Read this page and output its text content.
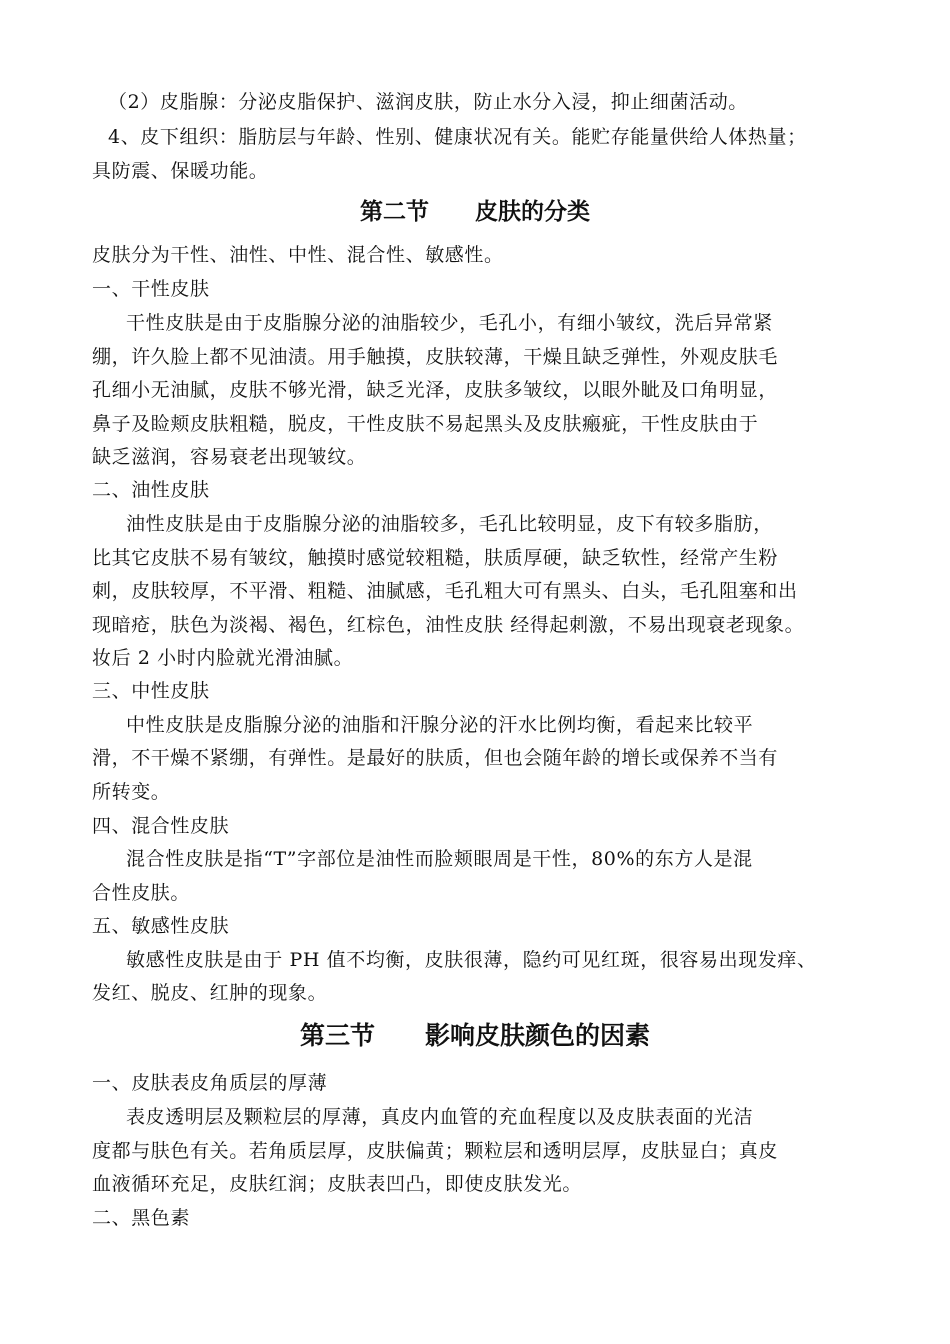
（2）皮脂腺：分泌皮脂保护、滋润皮肤，防止水分入浸，抑止细菌活动。
4、皮下组织：脂肪层与年龄、性别、健康状况有关。能贮存能量供给人体热量；
具防震、保暖功能。
第二节　　皮肤的分类
皮肤分为干性、油性、中性、混合性、敏感性。
一、干性皮肤
干性皮肤是由于皮脂腺分泌的油脂较少，毛孔小，有细小皱纹，洗后异常紧
绷，许久脸上都不见油渍。用手触摸，皮肤较薄，干燥且缺乏弹性，外观皮肤毛
孔细小无油腻，皮肤不够光滑，缺乏光泽，皮肤多皱纹，以眼外眦及口角明显，
鼻子及睑颊皮肤粗糙，脱皮，干性皮肤不易起黑头及皮肤瘢疵，干性皮肤由于
缺乏滋润，容易衰老出现皱纹。
二、油性皮肤
油性皮肤是由于皮脂腺分泌的油脂较多，毛孔比较明显，皮下有较多脂肪，
比其它皮肤不易有皱纹，触摸时感觉较粗糙，肤质厚硬，缺乏软性，经常产生粉
刺，皮肤较厚，不平滑、粗糙、油腻感，毛孔粗大可有黑头、白头，毛孔阻塞和出
现暗疮，肤色为淡褐、褐色，红棕色，油性皮肤 经得起刺激，不易出现衰老现象。
妆后 2 小时内脸就光滑油腻。
三、中性皮肤
中性皮肤是皮脂腺分泌的油脂和汗腺分泌的汗水比例均衡，看起来比较平
滑，不干燥不紧绷，有弹性。是最好的肤质，但也会随年龄的增长或保养不当有
所转变。
四、混合性皮肤
混合性皮肤是指“T”字部位是油性而脸颊眼周是干性，80%的东方人是混
合性皮肤。
五、敏感性皮肤
敏感性皮肤是由于 PH 值不均衡，皮肤很薄，隐约可见红斑，很容易出现发痒、
发红、脱皮、红肿的现象。
第三节　　影响皮肤颜色的因素
一、皮肤表皮角质层的厚薄
表皮透明层及颗粒层的厚薄，真皮内血管的充血程度以及皮肤表面的光洁
度都与肤色有关。若角质层厚，皮肤偏黄；颗粒层和透明层厚，皮肤显白；真皮
血液循环充足，皮肤红润；皮肤表凹凸，即使皮肤发光。
二、黑色素
